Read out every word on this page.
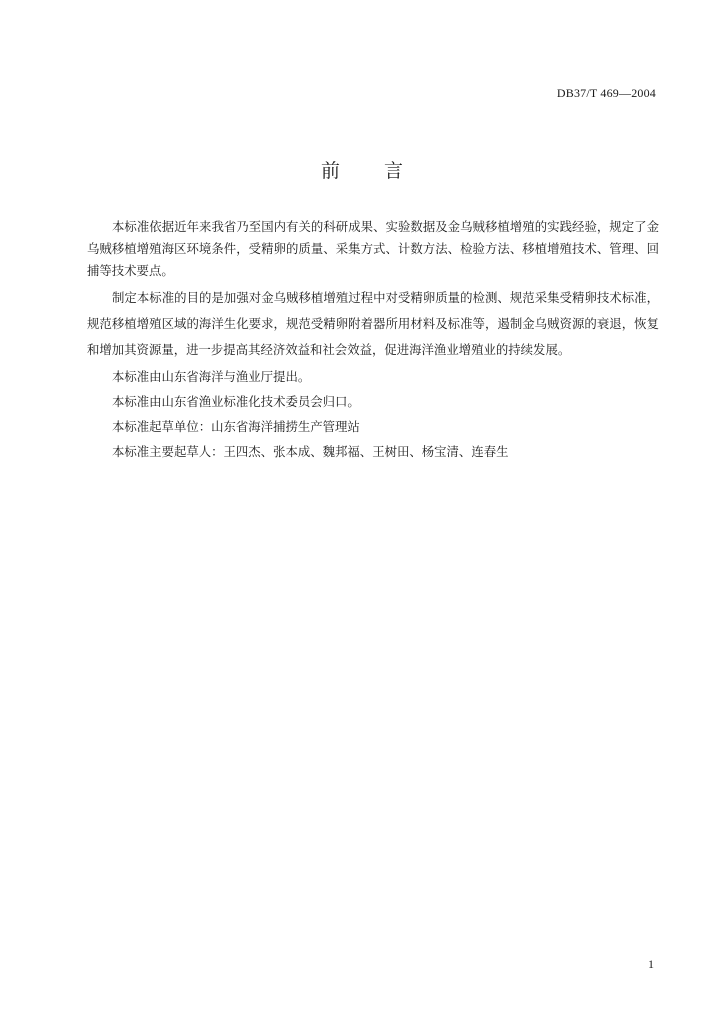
DB37/T 469—2004
前言

本标准依据近年来我省乃至国内有关的科研成果、实验数据及金乌贼移植增殖的实践经验，规定了金乌贼移植增殖海区环境条件，受精卵的质量、采集方式、计数方法、检验方法、移植增殖技术、管理、回捕等技术要点。

制定本标准的目的是加强对金乌贼移植增殖过程中对受精卵质量的检测、规范采集受精卵技术标准，规范移植增殖区域的海洋生化要求，规范受精卵附着器所用材料及标准等，遏制金乌贼资源的衰退，恢复和增加其资源量，进一步提高其经济效益和社会效益，促进海洋渔业增殖业的持续发展。

本标准由山东省海洋与渔业厅提出。

本标准由山东省渔业标准化技术委员会归口。

本标准起草单位：山东省海洋捕捞生产管理站

本标准主要起草人：王四杰、张本成、魏邦福、王树田、杨宝清、连春生

1
